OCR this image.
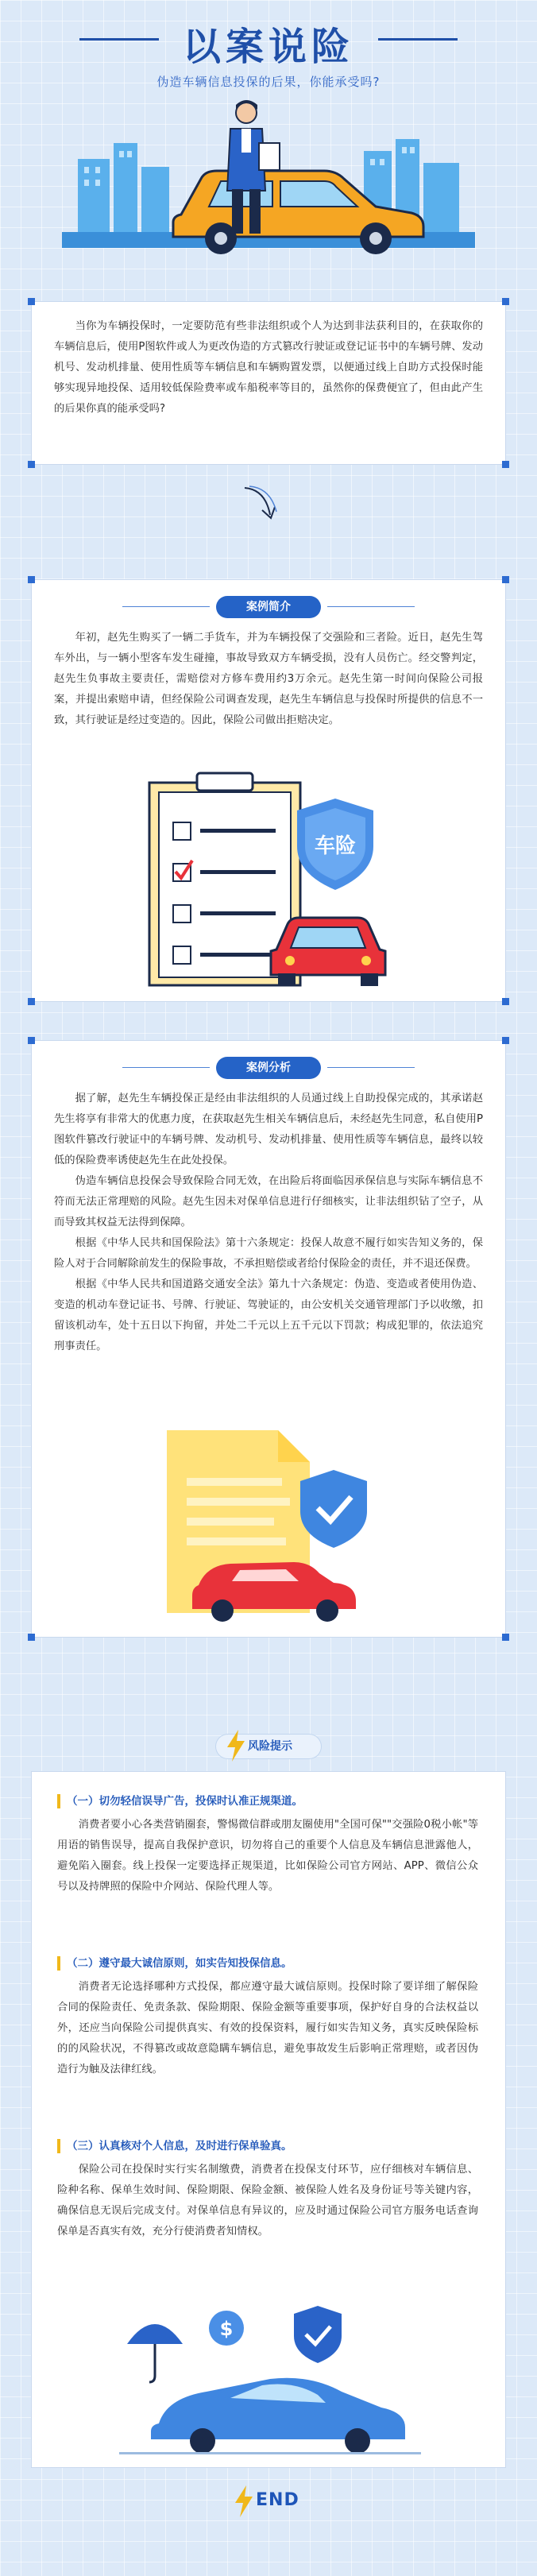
以案说险
伪造车辆信息投保的后果，你能承受吗?

当你为车辆投保时，一定要防范有些非法组织或个人为达到非法获利目的，在获取你的车辆信息后，使用P图软件或人为更改伪造的方式篡改行驶证或登记证书中的车辆号牌、发动机号、发动机排量、使用性质等车辆信息和车辆购置发票，以便通过线上自助方式投保时能够实现异地投保、适用较低保险费率或车船税率等目的，虽然你的保费便宜了，但由此产生的后果你真的能承受吗?

案例简介

年初，赵先生购买了一辆二手货车，并为车辆投保了交强险和三者险。近日，赵先生驾车外出，与一辆小型客车发生碰撞，事故导致双方车辆受损，没有人员伤亡。经交警判定，赵先生负事故主要责任，需赔偿对方修车费用约3万余元。赵先生第一时间向保险公司报案，并提出索赔申请，但经保险公司调查发现，赵先生车辆信息与投保时所提供的信息不一致，其行驶证是经过变造的。因此，保险公司做出拒赔决定。

车险
案例分析

据了解，赵先生车辆投保正是经由非法组织的人员通过线上自助投保完成的，其承诺赵先生将享有非常大的优惠力度，在获取赵先生相关车辆信息后，未经赵先生同意，私自使用P图软件篡改行驶证中的车辆号牌、发动机号、发动机排量、使用性质等车辆信息，最终以较低的保险费率诱使赵先生在此处投保。

伪造车辆信息投保会导致保险合同无效，在出险后将面临因承保信息与实际车辆信息不符而无法正常理赔的风险。赵先生因未对保单信息进行仔细核实，让非法组织钻了空子，从而导致其权益无法得到保障。

根据《中华人民共和国保险法》第十六条规定：投保人故意不履行如实告知义务的，保险人对于合同解除前发生的保险事故，不承担赔偿或者给付保险金的责任，并不退还保费。

根据《中华人民共和国道路交通安全法》第九十六条规定：伪造、变造或者使用伪造、变造的机动车登记证书、号牌、行驶证、驾驶证的，由公安机关交通管理部门予以收缴，扣留该机动车，处十五日以下拘留，并处二千元以上五千元以下罚款；构成犯罪的，依法追究刑事责任。

风险提示

（一）切勿轻信误导广告，投保时认准正规渠道。

消费者要小心各类营销圈套，警惕微信群或朋友圈使用"全国可保""交强险0税小帐"等用语的销售误导，提高自我保护意识，切勿将自己的重要个人信息及车辆信息泄露他人，避免陷入圈套。线上投保一定要选择正规渠道，比如保险公司官方网站、APP、微信公众号以及持牌照的保险中介网站、保险代理人等。

（二）遵守最大诚信原则，如实告知投保信息。

消费者无论选择哪种方式投保，都应遵守最大诚信原则。投保时除了要详细了解保险合同的保险责任、免责条款、保险期限、保险金额等重要事项，保护好自身的合法权益以外，还应当向保险公司提供真实、有效的投保资料，履行如实告知义务，真实反映保险标的的风险状况，不得篡改或故意隐瞒车辆信息，避免事故发生后影响正常理赔，或者因伪造行为触及法律红线。

（三）认真核对个人信息，及时进行保单验真。

保险公司在投保时实行实名制缴费，消费者在投保支付环节，应仔细核对车辆信息、险种名称、保单生效时间、保险期限、保险金额、被保险人姓名及身份证号等关键内容，确保信息无误后完成支付。对保单信息有异议的，应及时通过保险公司官方服务电话查询保单是否真实有效，充分行使消费者知情权。

$
END
